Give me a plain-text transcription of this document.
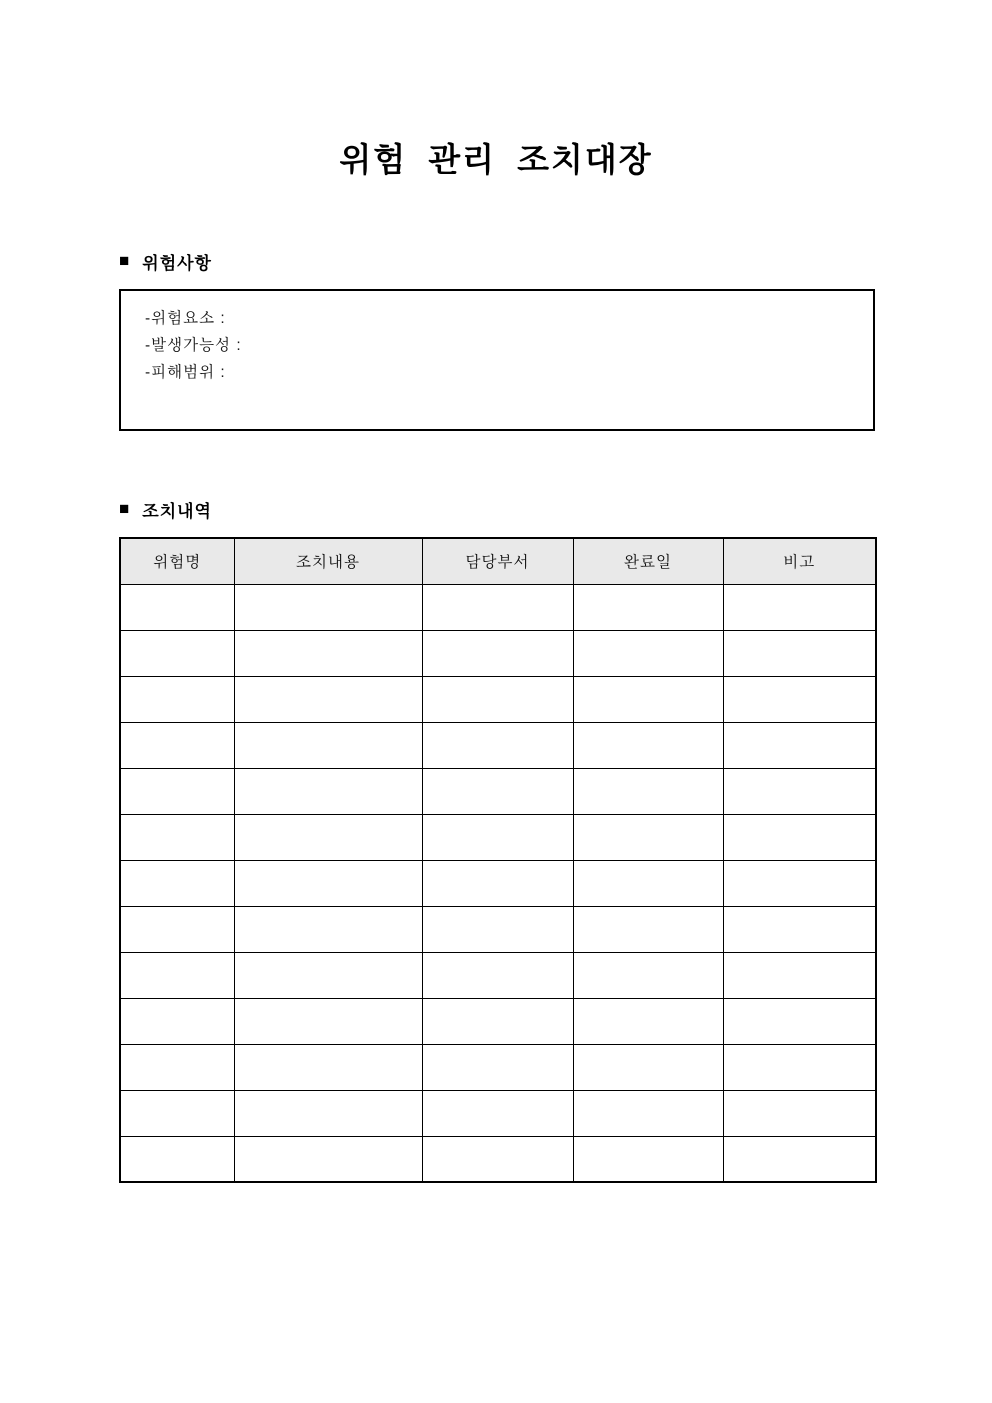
위험 관리 조치대장
■ 위험사항
-위험요소 :
-발생가능성 :
-피해범위 :
■ 조치내역
위험명	조치내용	담당부서	완료일	비고
